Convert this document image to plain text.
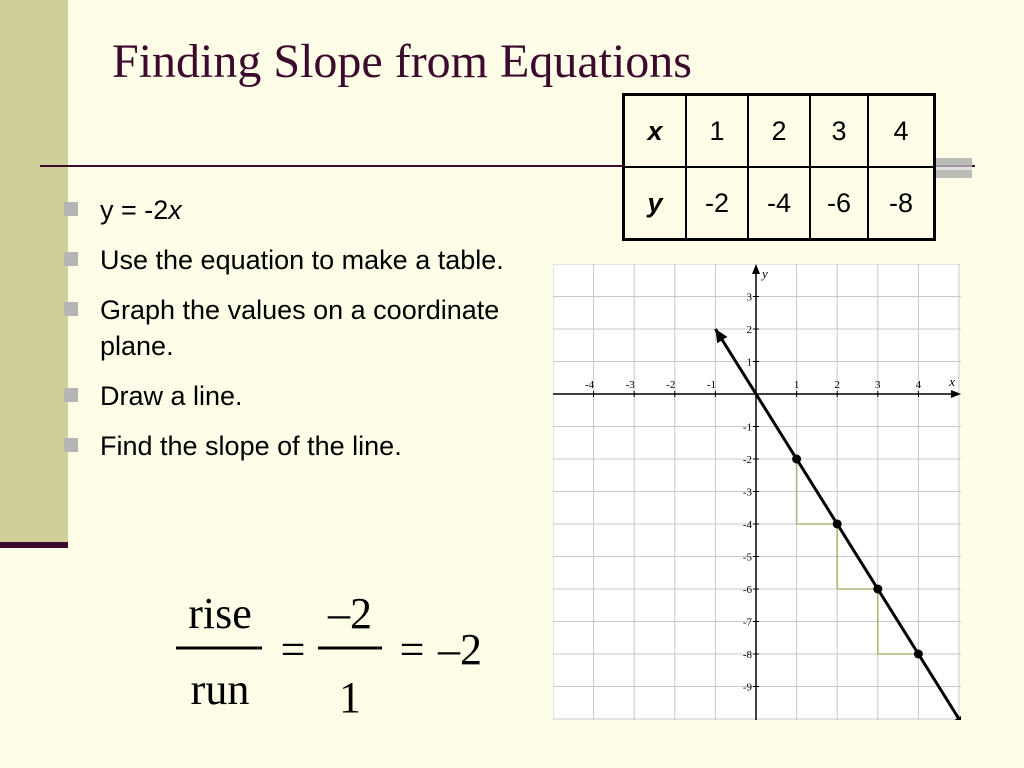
Finding Slope from Equations
y = -2x
Use the equation to make a table.
Graph the values on a coordinate plane.
Draw a line.
Find the slope of the line.
x	1	2	3	4
y	-2	-4	-6	-8
x
y
-4	-3	-2	-1	1	2	3	4
3
2
1
-1
-2
-3
-4
-5
-6
-7
-8
-9
rise
run
=
–2
1
= –2
